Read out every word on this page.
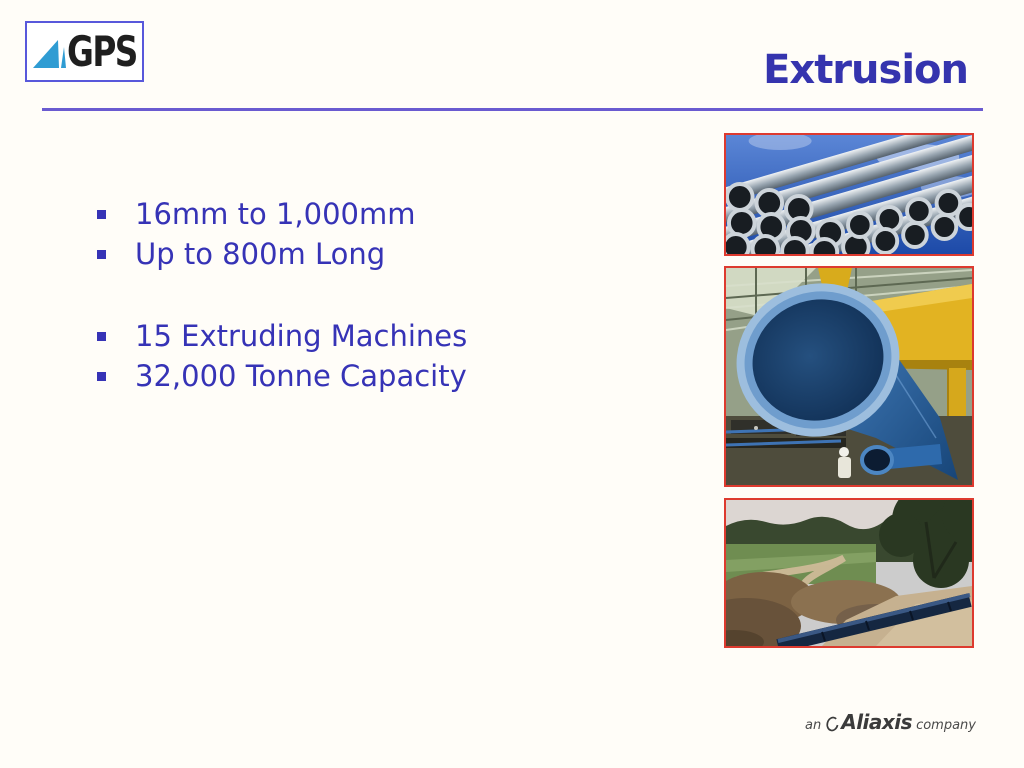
GPS	Extrusion
16mm to 1,000mm
Up to 800m Long
15 Extruding Machines
32,000 Tonne Capacity
an Aliaxis company
